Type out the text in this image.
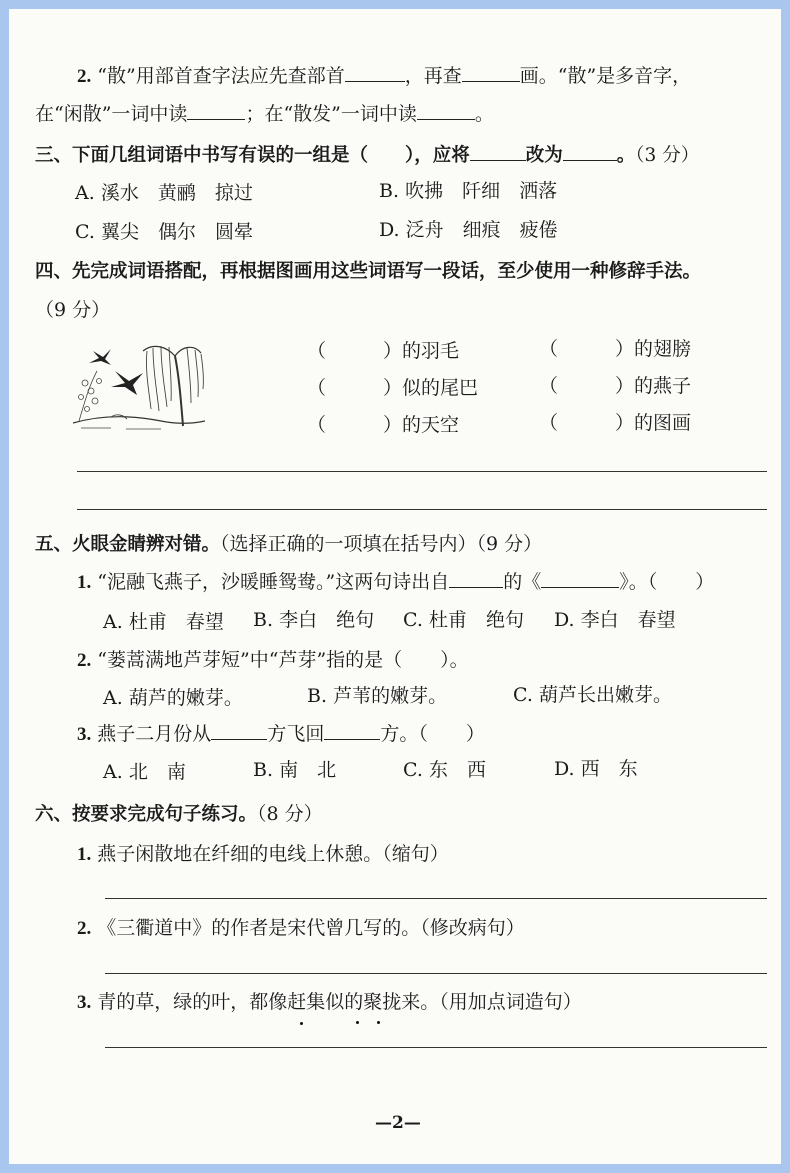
2. “散”用部首查字法应先查部首	，再查	画。“散”是多音字，
在“闲散”一词中读	；在“散发”一词中读	。
三、下面几组词语中书写有误的一组是（　　），应将	改为	。（3 分）
A. 溪水　黄鹂　掠过	B. 吹拂　阡细　洒落
C. 翼尖　偶尔　圆晕	D. 泛舟　细痕　疲倦
四、先完成词语搭配，再根据图画用这些词语写一段话，至少使用一种修辞手法。
（9 分）
（　　　）的羽毛	（　　　）的翅膀
（　　　）似的尾巴	（　　　）的燕子
（　　　）的天空	（　　　）的图画
五、火眼金睛辨对错。（选择正确的一项填在括号内）（9 分）
1. “泥融飞燕子，沙暖睡鸳鸯。”这两句诗出自	的《	》。（　　）
A. 杜甫　春望 B. 李白　绝句 C. 杜甫　绝句 D. 李白　春望
2. “蒌蒿满地芦芽短”中“芦芽”指的是（　　）。
A. 葫芦的嫩芽。	B. 芦苇的嫩芽。	C. 葫芦长出嫩芽。
3. 燕子二月份从	方飞回	方。（　　）
A. 北　南	B. 南　北	C. 东　西	D. 西　东
六、按要求完成句子练习。（8 分）
1. 燕子闲散地在纤细的电线上休憩。（缩句）
2. 《三衢道中》的作者是宋代曾几写的。（修改病句）
3. 青的草，绿的叶，都像赶集似的聚拢来。（用加点词造句）
—2—
